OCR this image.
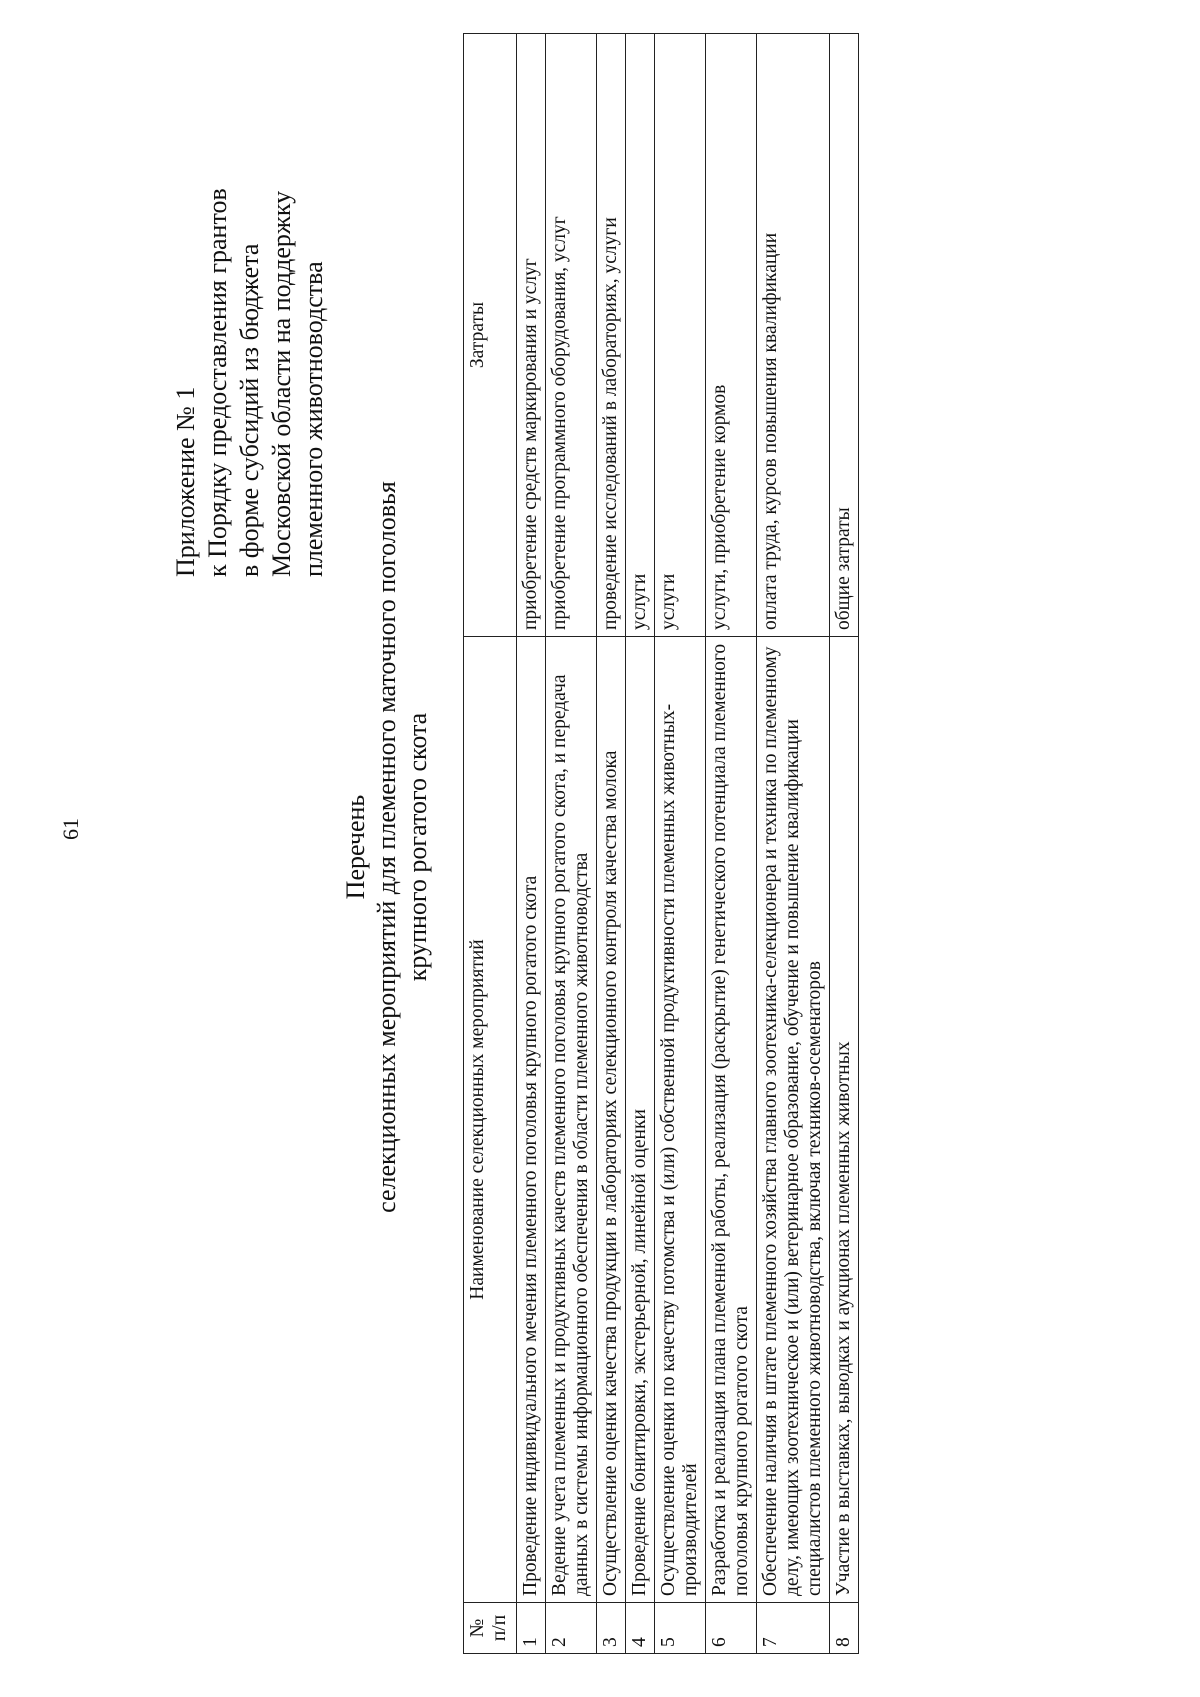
61
Приложение № 1 к Порядку предоставления грантов в форме субсидий из бюджета Московской области на поддержку племенного животноводства
Перечень селекционных мероприятий для племенного маточного поголовья крупного рогатого скота
№ п/п	Наименование селекционных мероприятий	Затраты
1	Проведение индивидуального мечения племенного поголовья крупного рогатого скота	приобретение средств маркирования и услуг
2	Ведение учета племенных и продуктивных качеств племенного поголовья крупного рогатого скота, и передача данных в системы информационного обеспечения в области племенного животноводства	приобретение программного оборудования, услуг
3	Осуществление оценки качества продукции в лабораториях селекционного контроля качества молока	проведение исследований в лабораториях, услуги
4	Проведение бонитировки, экстерьерной, линейной оценки	услуги
5	Осуществление оценки по качеству потомства и (или) собственной продуктивности племенных животных-производителей	услуги
6	Разработка и реализация плана племенной работы, реализация (раскрытие) генетического потенциала племенного поголовья крупного рогатого скота	услуги, приобретение кормов
7	Обеспечение наличия в штате племенного хозяйства главного зоотехника-селекционера и техника по племенному делу, имеющих зоотехническое и (или) ветеринарное образование, обучение и повышение квалификации специалистов племенного животноводства, включая техников-осеменаторов	оплата труда, курсов повышения квалификации
8	Участие в выставках, выводках и аукционах племенных животных	общие затраты
